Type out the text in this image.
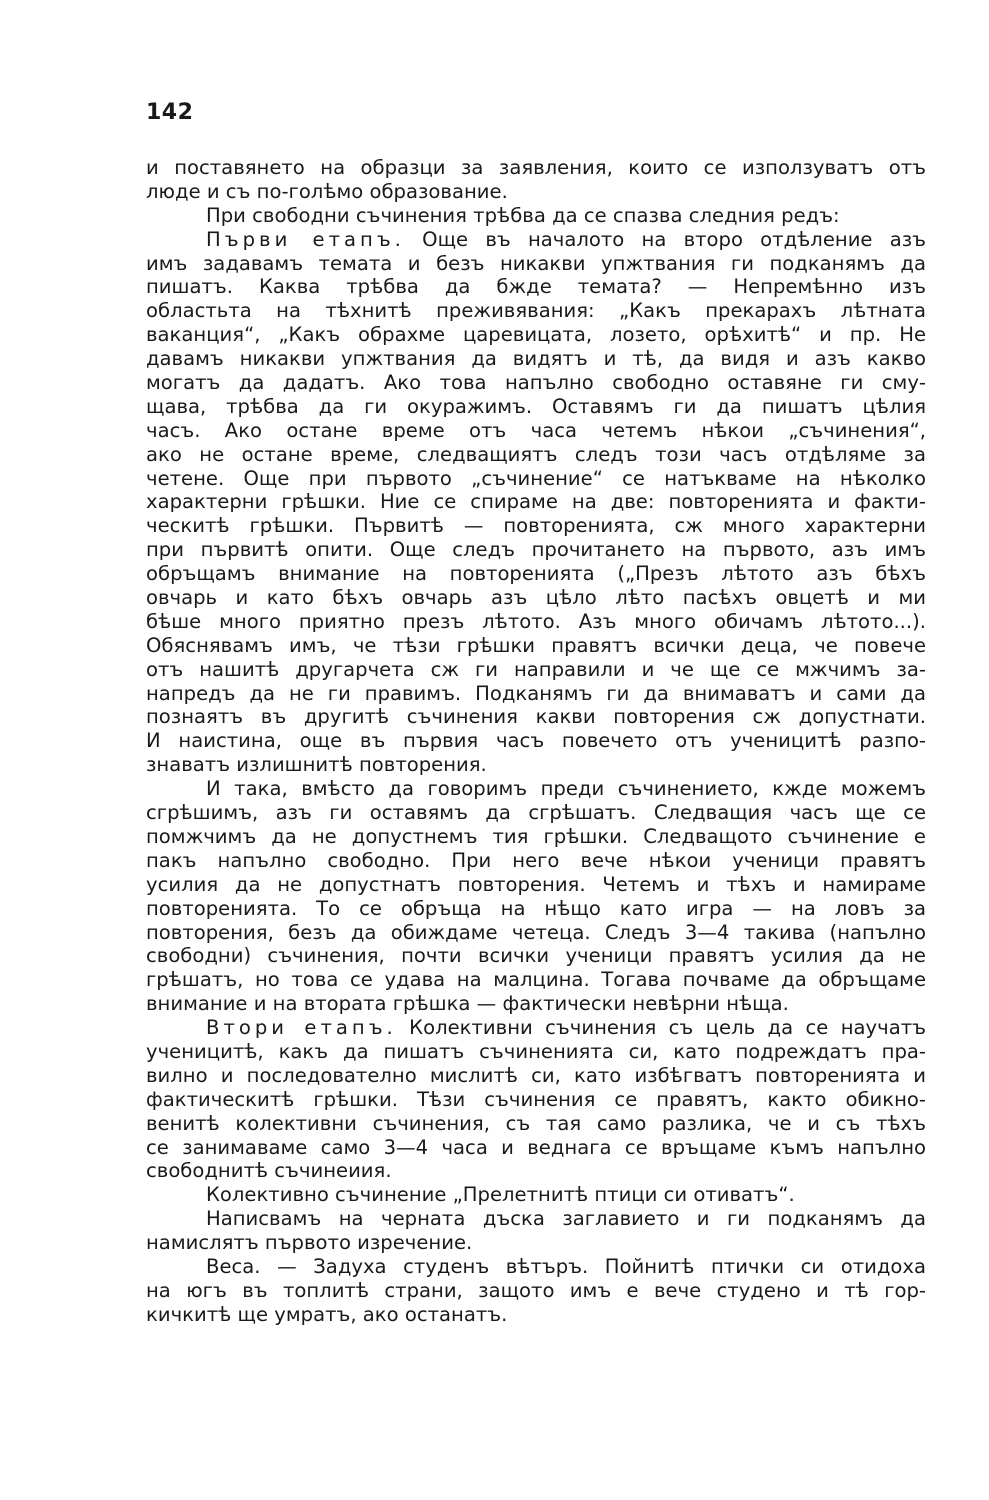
142
и поставянето на образци за заявления, които се използуватъ отъ
люде и съ по-голѣмо образование.
При свободни съчинения трѣбва да се спазва следния редъ:
Първи етапъ. Още въ началото на второ отдѣление азъ
имъ задавамъ темата и безъ никакви упжтвания ги подканямъ да
пишатъ. Каква трѣбва да бжде темата? — Непремѣнно изъ
областьта на тѣхнитѣ преживявания: „Какъ прекарахъ лѣтната
ваканция“, „Какъ обрахме царевицата, лозето, орѣхитѣ“ и пр. Не
давамъ никакви упжтвания да видятъ и тѣ, да видя и азъ какво
могатъ да дадатъ. Ако това напълно свободно оставяне ги сму-
щава, трѣбва да ги окуражимъ. Оставямъ ги да пишатъ цѣлия
часъ. Ако остане време отъ часа четемъ нѣкои „съчинения“,
ако не остане време, следващиятъ следъ този часъ отдѣляме за
четене. Още при първото „съчинение“ се натъкваме на нѣколко
характерни грѣшки. Ние се спираме на две: повторенията и факти-
ческитѣ грѣшки. Първитѣ — повторенията, сж много характерни
при първитѣ опити. Още следъ прочитането на първото, азъ имъ
обръщамъ внимание на повторенията („Презъ лѣтото азъ бѣхъ
овчарь и като бѣхъ овчарь азъ цѣло лѣто пасѣхъ овцетѣ и ми
бѣше много приятно презъ лѣтото. Азъ много обичамъ лѣтото...).
Обяснявамъ имъ, че тѣзи грѣшки правятъ всички деца, че повече
отъ нашитѣ другарчета сж ги направили и че ще се мжчимъ за-
напредъ да не ги правимъ. Подканямъ ги да внимаватъ и сами да
познаятъ въ другитѣ съчинения какви повторения сж допустнати.
И наистина, още въ първия часъ повечето отъ ученицитѣ разпо-
знаватъ излишнитѣ повторения.
И така, вмѣсто да говоримъ преди съчинението, кжде можемъ
сгрѣшимъ, азъ ги оставямъ да сгрѣшатъ. Следващия часъ ще се
помжчимъ да не допустнемъ тия грѣшки. Следващото съчинение е
пакъ напълно свободно. При него вече нѣкои ученици правятъ
усилия да не допустнатъ повторения. Четемъ и тѣхъ и намираме
повторенията. То се обръща на нѣщо като игра — на ловъ за
повторения, безъ да обиждаме четеца. Следъ 3—4 такива (напълно
свободни) съчинения, почти всички ученици правятъ усилия да не
грѣшатъ, но това се удава на малцина. Тогава почваме да обръщаме
внимание и на втората грѣшка — фактически невѣрни нѣща.
Втори етапъ. Колективни съчинения съ цель да се научатъ
ученицитѣ, какъ да пишатъ съчиненията си, като подреждатъ пра-
вилно и последователно мислитѣ си, като избѣгватъ повторенията и
фактическитѣ грѣшки. Тѣзи съчинения се правятъ, както обикно-
венитѣ колективни съчинения, съ тая само разлика, че и съ тѣхъ
се занимаваме само 3—4 часа и веднага се връщаме къмъ напълно
свободнитѣ съчинеиия.
Колективно съчинение „Прелетнитѣ птици си отиватъ“.
Написвамъ на черната дъска заглавието и ги подканямъ да
намислятъ първото изречение.
Веса. — Задуха студенъ вѣтъръ. Пойнитѣ птички си отидоха
на югъ въ топлитѣ страни, защото имъ е вече студено и тѣ гор-
кичкитѣ ще умратъ, ако останатъ.
